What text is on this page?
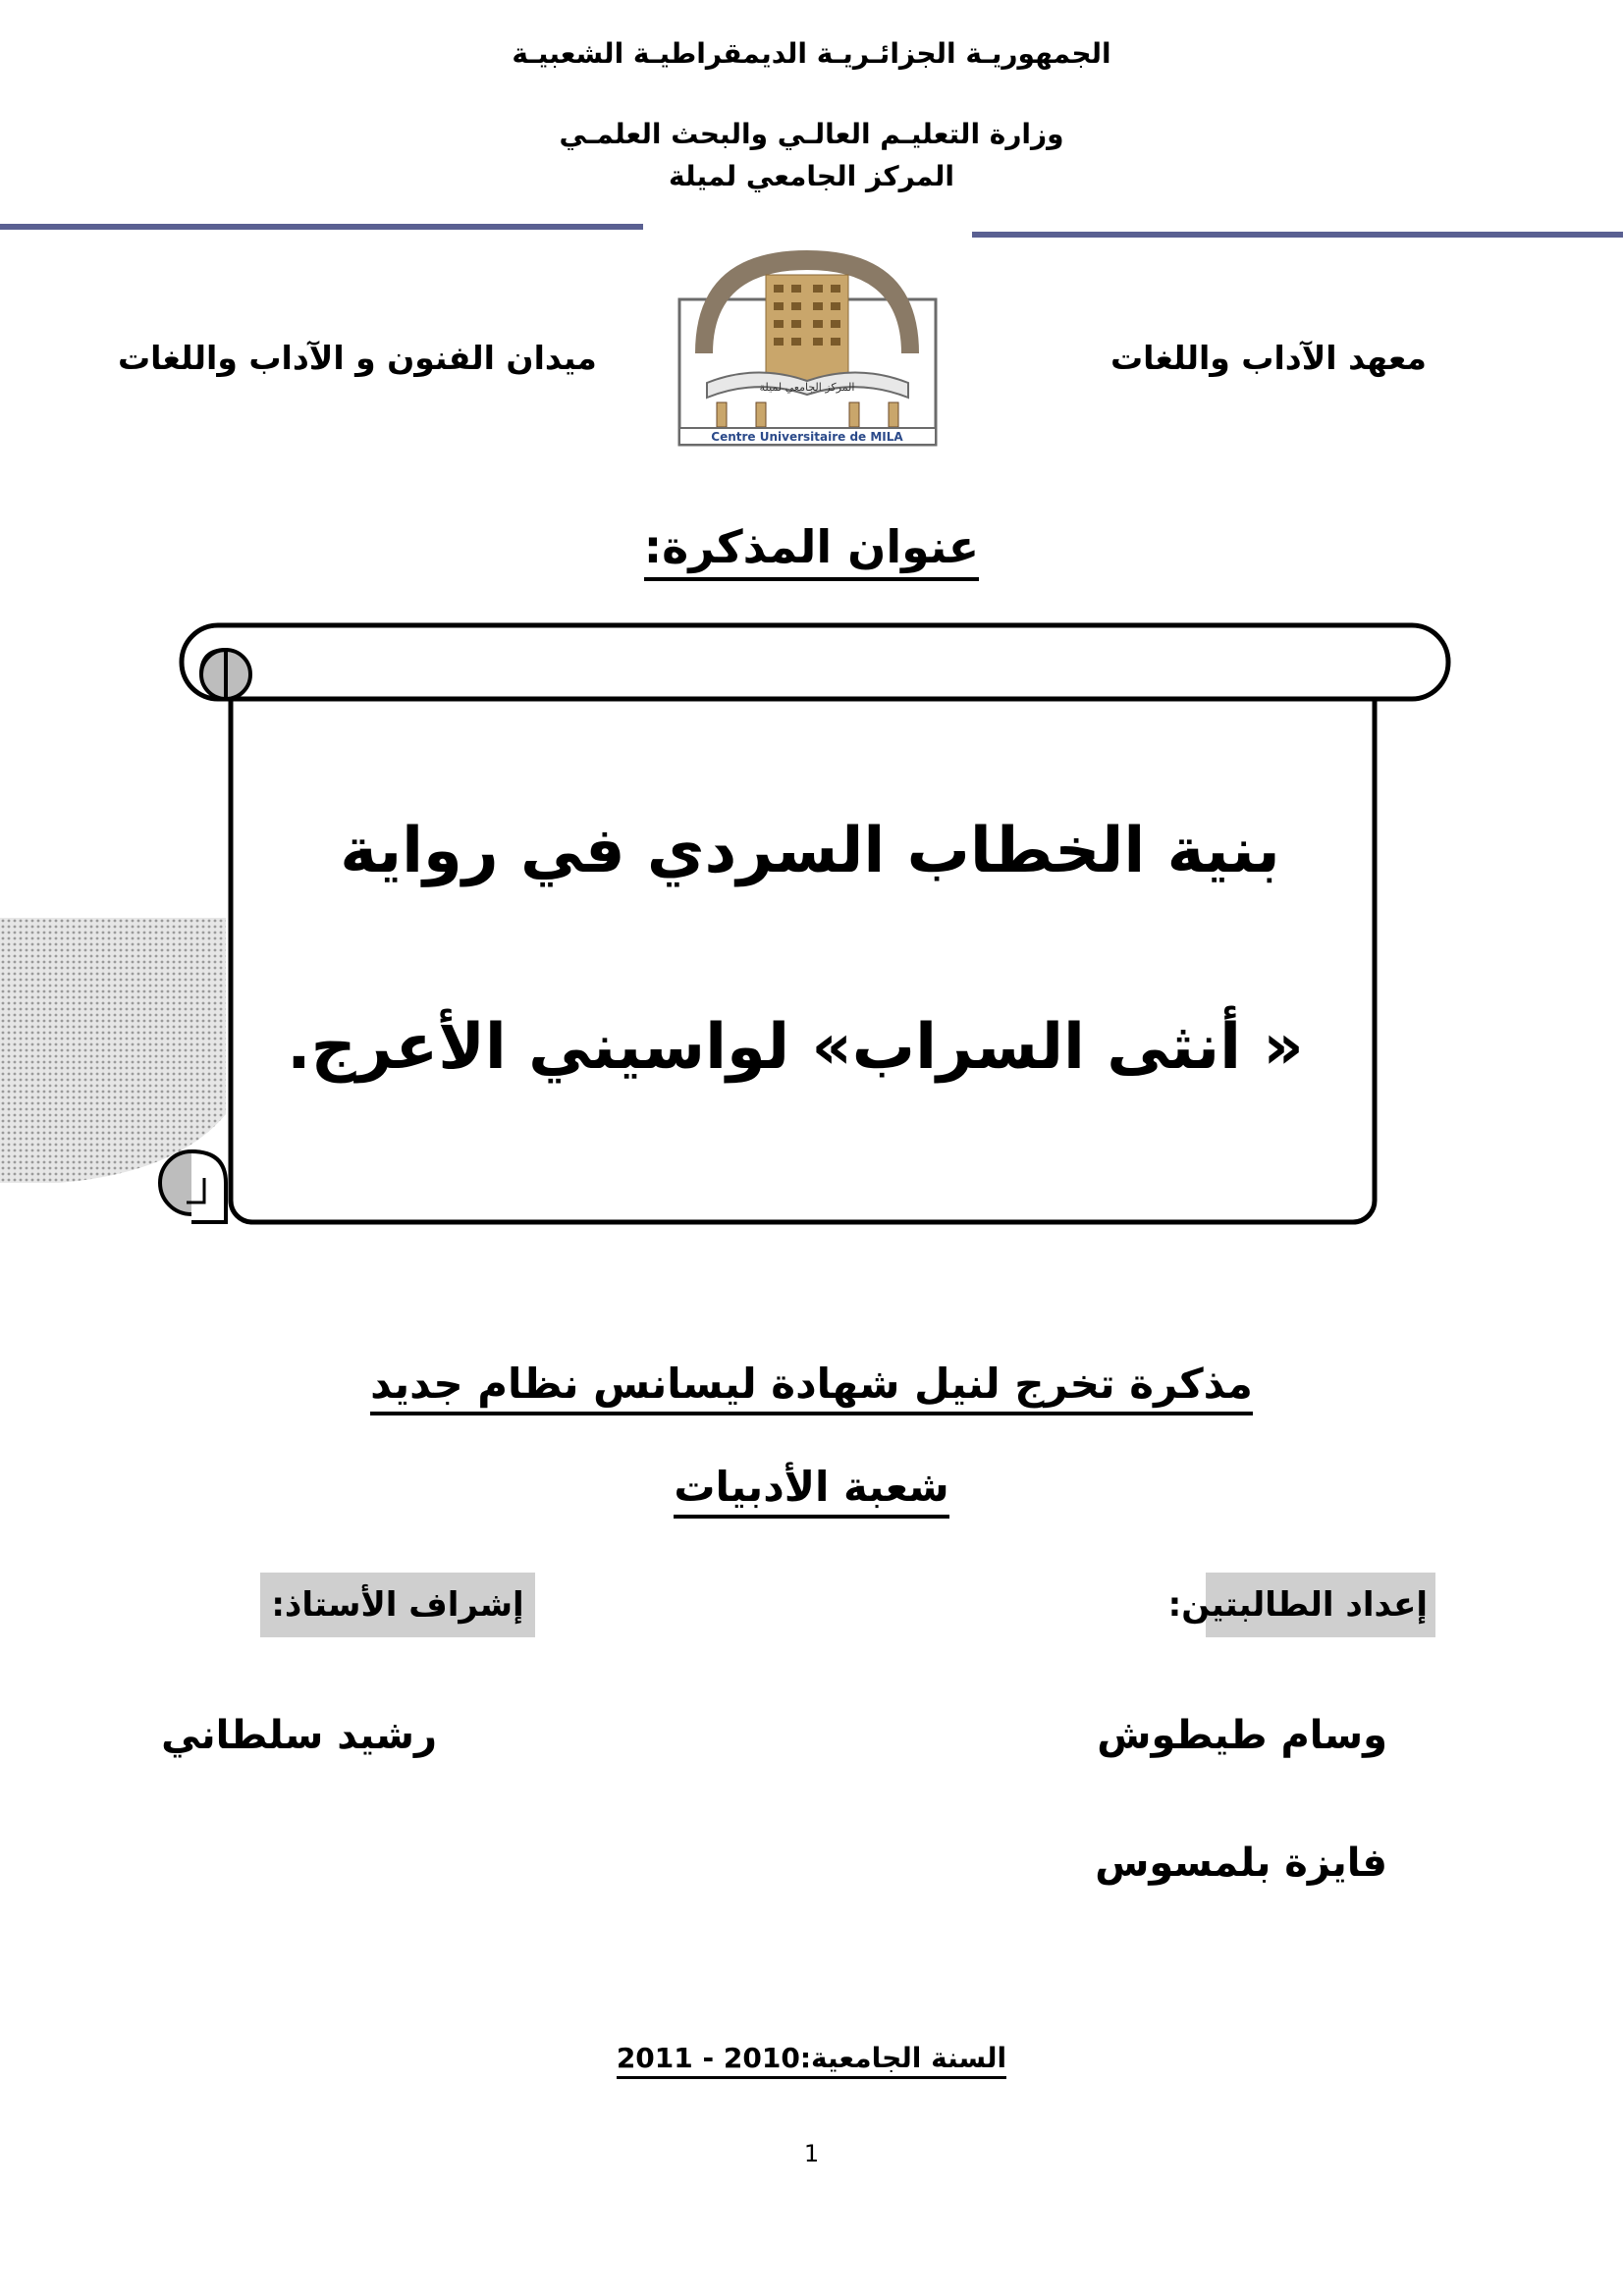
الجمهوريـة الجزائـريـة الديمقراطيـة الشعبيـة
وزارة التعليـم العالـي والبحث العلمـي
المركز الجامعي لميلة
معهد الآداب واللغات
ميدان الفنون و الآداب واللغات
المركز الجامعي لميلة
Centre Universitaire de MILA
عنوان المذكرة:
بنية الخطاب السردي في رواية
« أنثى السراب» لواسيني الأعرج.
مذكرة تخرج لنيل شهادة ليسانس نظام جديد
شعبة الأدبيات
إعداد الطالبتين:
إشراف الأستاذ:
وسام طيطوش
فايزة بلمسوس
رشيد سلطاني
السنة الجامعية:2010 - 2011
1
